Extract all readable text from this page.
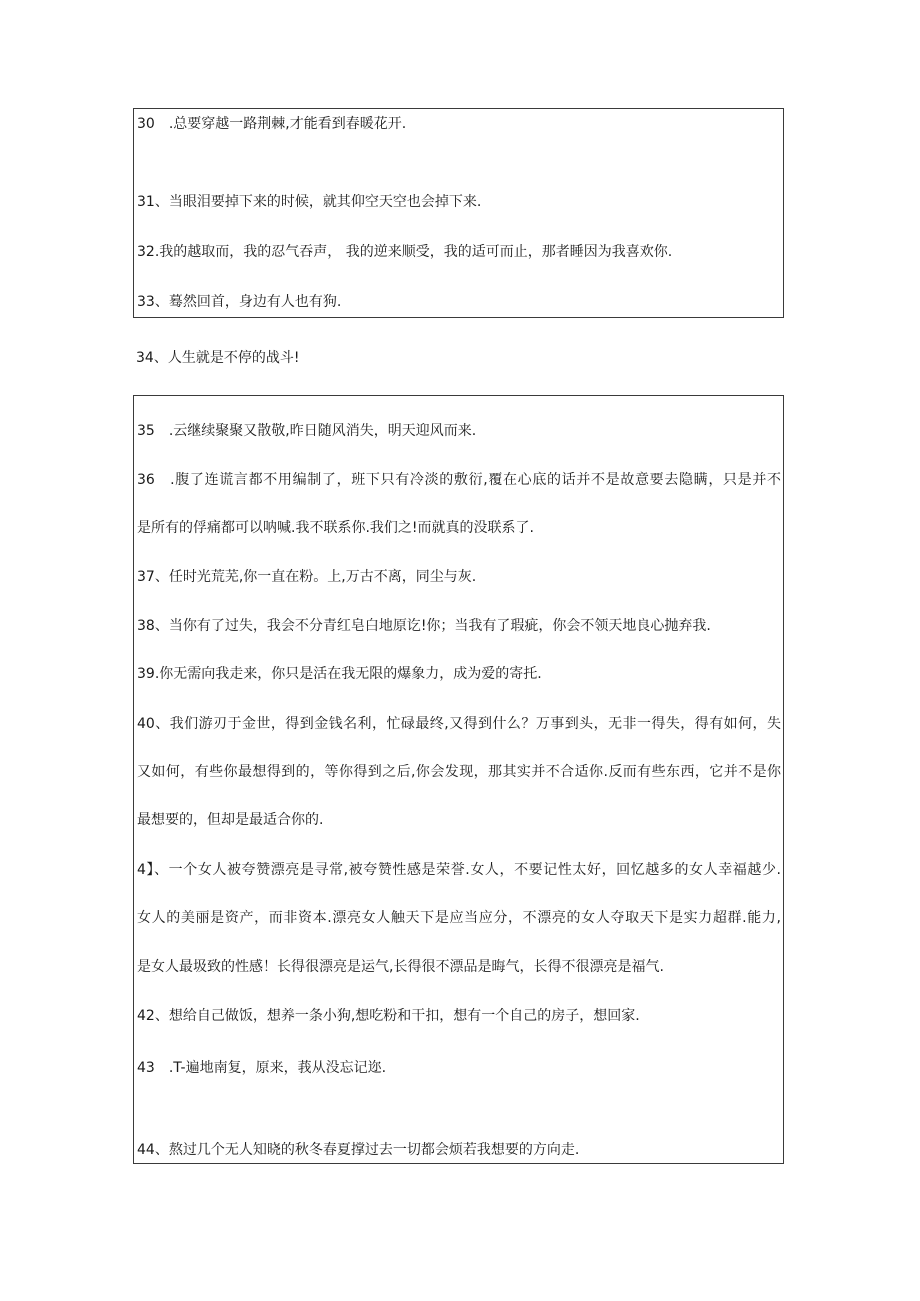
30　.总要穿越一路荆棘,才能看到春暖花开.
31、当眼泪要掉下来的时候，就其仰空天空也会掉下来.
32.我的越取而，我的忍气吞声， 我的逆来顺受，我的适可而止，那者睡因为我喜欢你.
33、蓦然回首，身边有人也有狗.
34、人生就是不停的战斗!
35　.云继续聚聚又散敬,昨日随风消失，明天迎风而来.
36　.腹了连谎言都不用编制了，班下只有冷淡的敷衍,覆在心底的话并不是故意要去隐瞒，只是并不
是所有的俘痛都可以呐喊.我不联系你.我们之!而就真的没联系了.
37、任时光荒芜,你一直在粉。上,万古不离，同尘与灰.
38、当你有了过失，我会不分青红皂白地原讫!你；当我有了瑕疵，你会不领天地良心抛弃我.
39.你无需向我走来，你只是活在我无限的爆象力，成为爱的寄托.
40、我们游刃于金世，得到金钱名利，忙碌最终,又得到什么？万事到头，无非一得失，得有如何，失
又如何，有些你最想得到的，等你得到之后,你会发现，那其实并不合适你.反而有些东西，它并不是你
最想要的，但却是最适合你的.
4】、一个女人被夸赞漂亮是寻常,被夸赞性感是荣誉.女人，不要记性太好，回忆越多的女人幸福越少.
女人的美丽是资产，而非资本.漂亮女人触天下是应当应分，不漂亮的女人夺取天下是实力超群.能力,
是女人最圾致的性感！长得很漂亮是运气,长得很不漂品是晦气，长得不很漂亮是福气.
42、想给自己做饭，想养一条小狗,想吃粉和干扣，想有一个自己的房子，想回家.
43　.T-遍地南复，原来，莪从没忘记迩.
44、熬过几个无人知晓的秋冬春夏撑过去一切都会烦若我想要的方向走.
